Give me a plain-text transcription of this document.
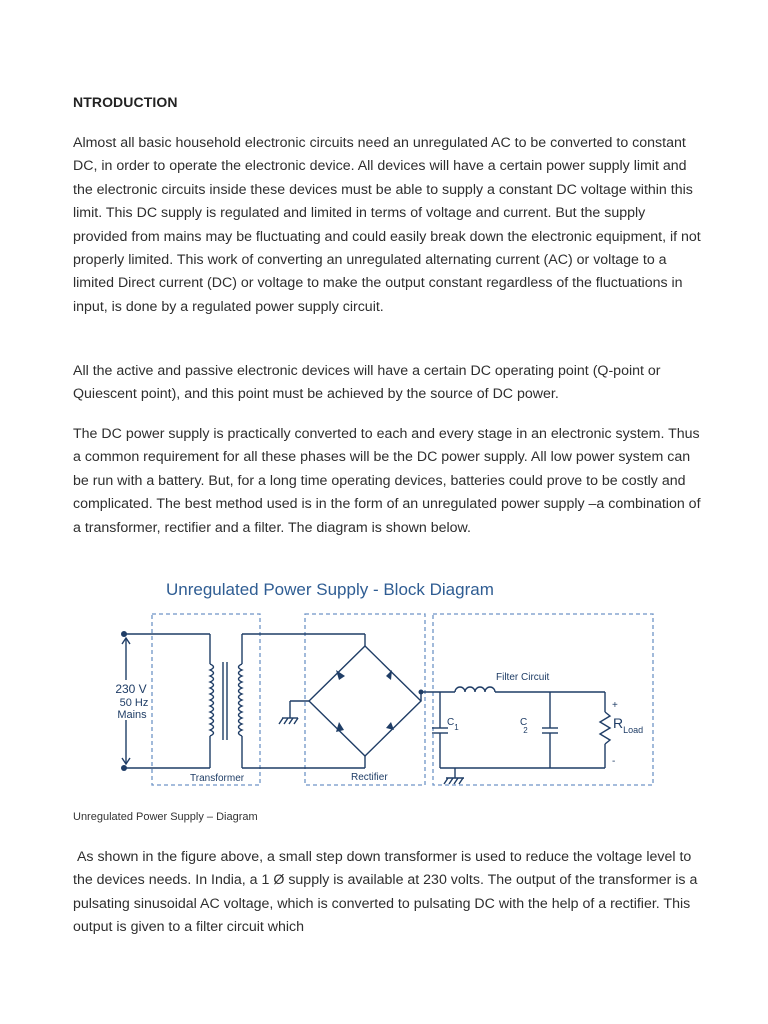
NTRODUCTION

Almost all basic household electronic circuits need an unregulated AC to be converted to constant DC, in order to operate the electronic device. All devices will have a certain power supply limit and the electronic circuits inside these devices must be able to supply a constant DC voltage within this limit. This DC supply is regulated and limited in terms of voltage and current. But the supply provided from mains may be fluctuating and could easily break down the electronic equipment, if not properly limited. This work of converting an unregulated alternating current (AC) or voltage to a limited Direct current (DC) or voltage to make the output constant regardless of the fluctuations in input, is done by a regulated power supply circuit.

All the active and passive electronic devices will have a certain DC operating point (Q-point or Quiescent point), and this point must be achieved by the source of DC power.

The DC power supply is practically converted to each and every stage in an electronic system. Thus a common requirement for all these phases will be the DC power supply. All low power system can be run with a battery. But, for a long time operating devices, batteries could prove to be costly and complicated. The best method used is in the form of an unregulated power supply –a combination of a transformer, rectifier and a filter. The diagram is shown below.

Unregulated Power Supply - Block Diagram
230 V
50 Hz
Mains
Transformer	Rectifier
Filter Circuit
$C_1$	C 2	$R_{Load}$
+
-
Unregulated Power Supply – Diagram

As shown in the figure above, a small step down transformer is used to reduce the voltage level to the devices needs. In India, a 1 Ø supply is available at 230 volts. The output of the transformer is a pulsating sinusoidal AC voltage, which is converted to pulsating DC with the help of a rectifier. This output is given to a filter circuit which
